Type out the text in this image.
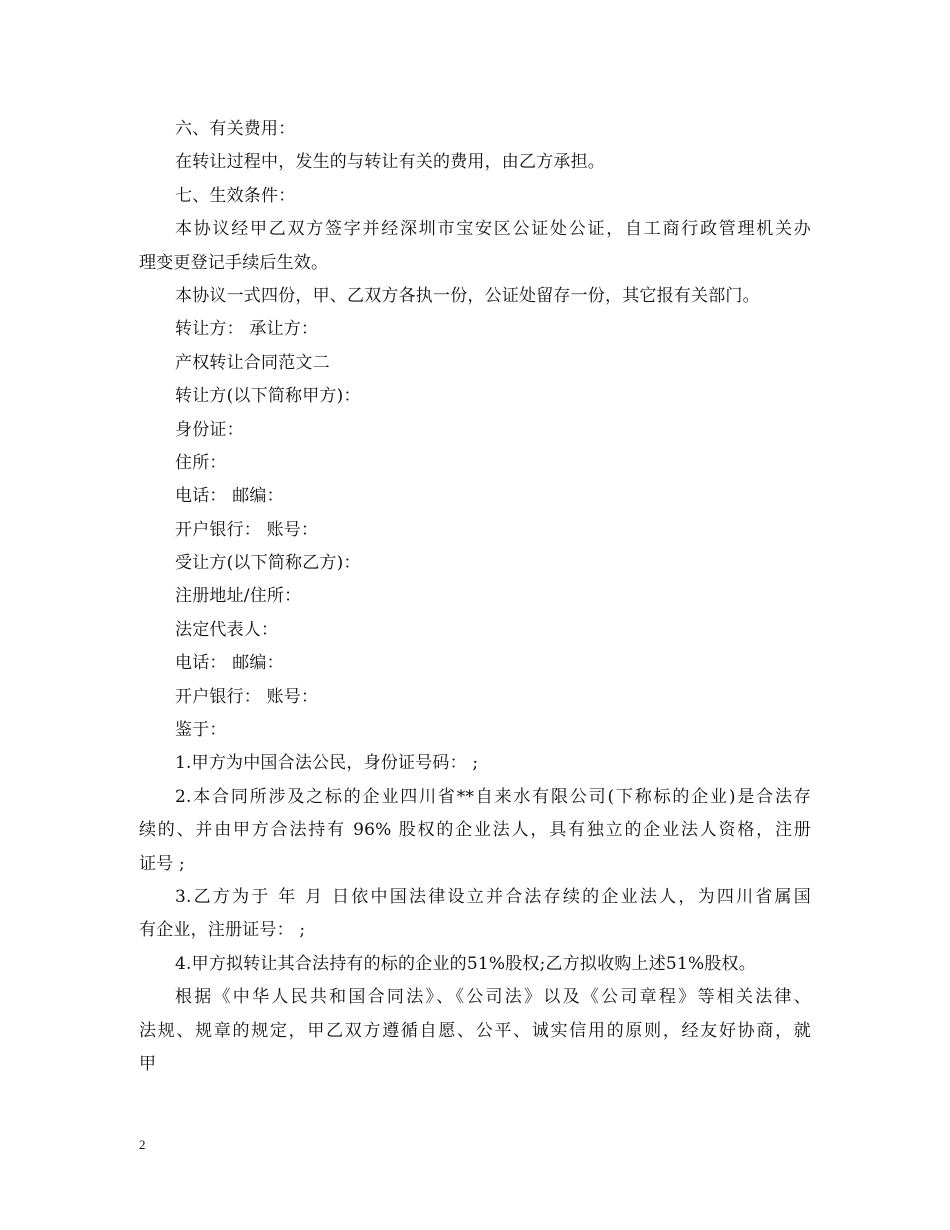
六、有关费用：
在转让过程中，发生的与转让有关的费用，由乙方承担。
七、生效条件：
本协议经甲乙双方签字并经深圳市宝安区公证处公证，自工商行政管理机关办
理变更登记手续后生效。
本协议一式四份，甲、乙双方各执一份，公证处留存一份，其它报有关部门。
转让方： 承让方：
产权转让合同范文二
转让方(以下简称甲方)：
身份证：
住所：
电话： 邮编：
开户银行： 账号：
受让方(以下简称乙方)：
注册地址/住所：
法定代表人：
电话： 邮编：
开户银行： 账号：
鉴于：
1.甲方为中国合法公民，身份证号码： ;
2.本合同所涉及之标的企业四川省**自来水有限公司(下称标的企业)是合法存
续的、并由甲方合法持有 96% 股权的企业法人，具有独立的企业法人资格，注册
证号 ;
3.乙方为于 年 月 日依中国法律设立并合法存续的企业法人，为四川省属国
有企业，注册证号： ;
4.甲方拟转让其合法持有的标的企业的51%股权;乙方拟收购上述51%股权。
根据《中华人民共和国合同法》、《公司法》以及《公司章程》等相关法律、
法规、规章的规定，甲乙双方遵循自愿、公平、诚实信用的原则，经友好协商，就
甲
2
